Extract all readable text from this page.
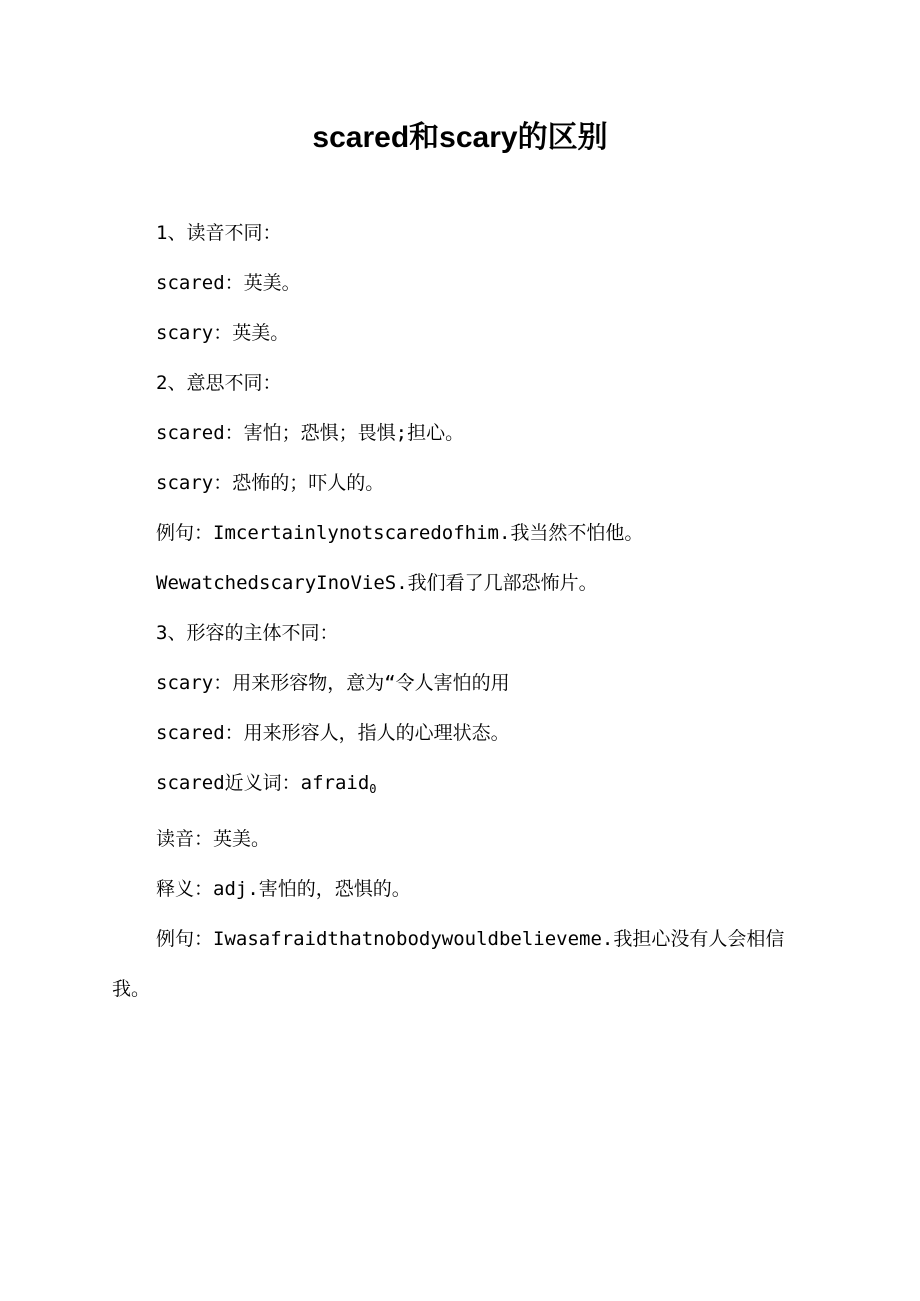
scared和scary的区别

1、读音不同：

scared：英美。

scary：英美。

2、意思不同：

scared：害怕；恐惧；畏惧;担心。

scary：恐怖的；吓人的。

例句：Imcertainlynotscaredofhim.我当然不怕他。

WewatchedscaryInoVieS.我们看了几部恐怖片。

3、形容的主体不同：

scary：用来形容物，意为“令人害怕的用

scared：用来形容人，指人的心理状态。

scared近义词：afraid$_0$

读音：英美。

释义：adj.害怕的，恐惧的。

例句：Iwasafraidthatnobodywouldbelieveme.我担心没有人会相信我。
